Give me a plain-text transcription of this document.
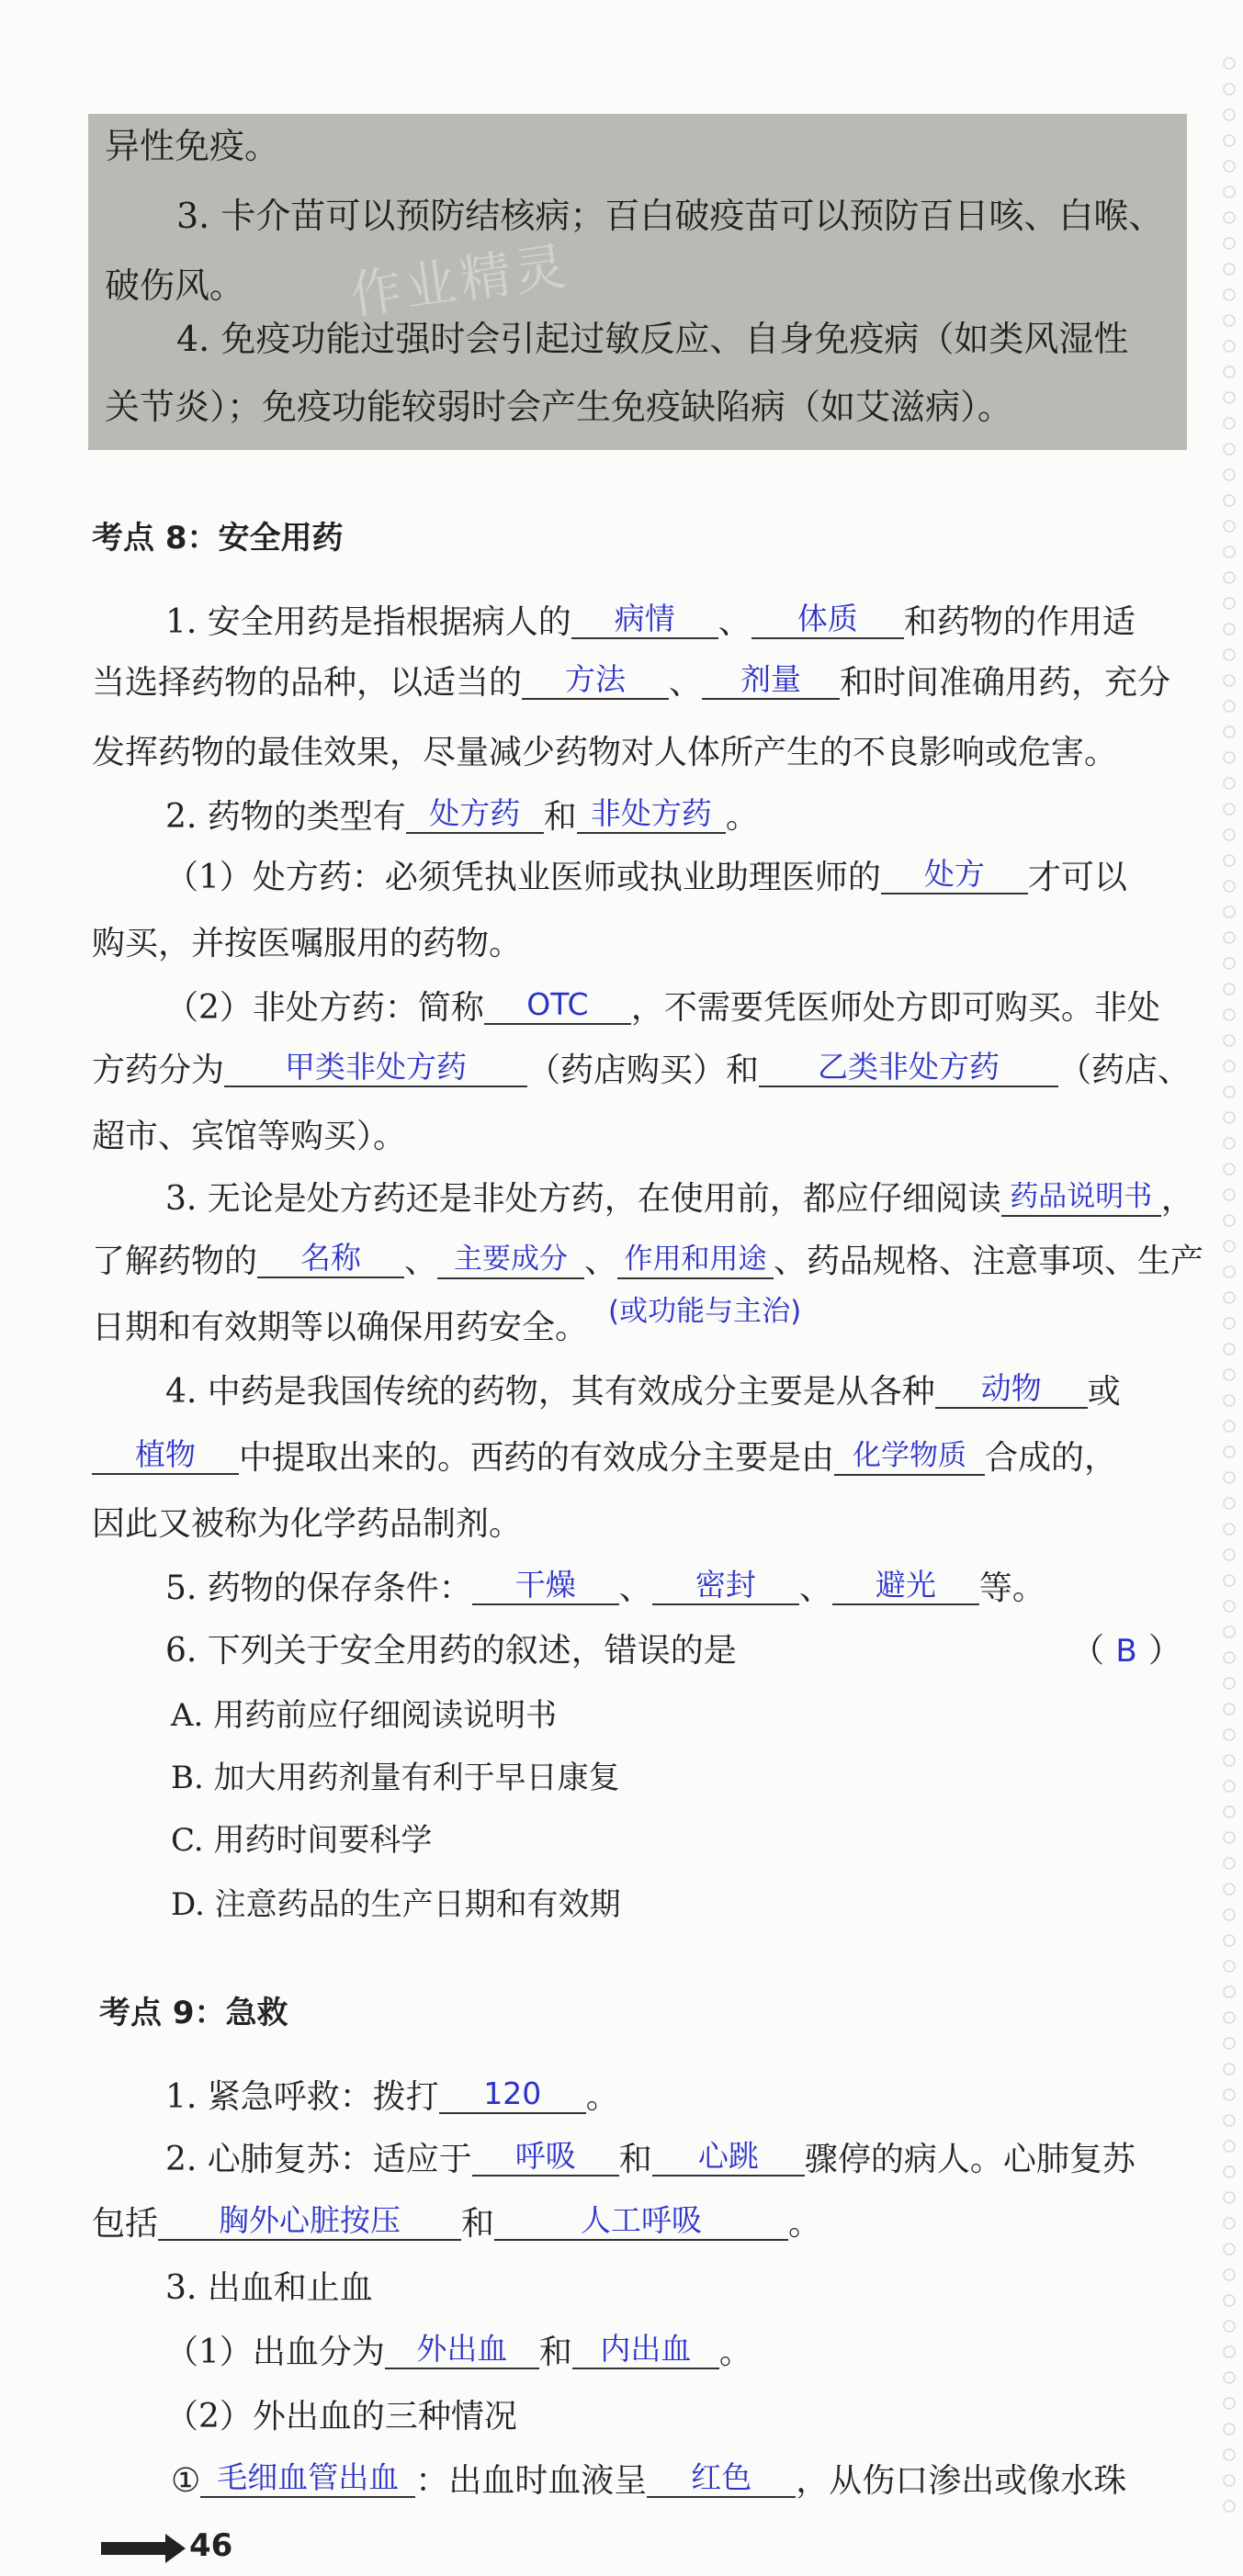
异性免疫。

3. 卡介苗可以预防结核病；百白破疫苗可以预防百日咳、白喉、

破伤风。

4. 免疫功能过强时会引起过敏反应、自身免疫病（如类风湿性

关节炎）；免疫功能较弱时会产生免疫缺陷病（如艾滋病）。

作业精灵
考点 8：安全用药

1. 安全用药是指根据病人的 病情 、 体质 和药物的作用适

当选择药物的品种，以适当的 方法 、 剂量 和时间准确用药，充分

发挥药物的最佳效果，尽量减少药物对人体所产生的不良影响或危害。

2. 药物的类型有 处方药 和 非处方药 。

（1）处方药：必须凭执业医师或执业助理医师的 处方 才可以

购买，并按医嘱服用的药物。

（2）非处方药：简称 OTC ，不需要凭医师处方即可购买。非处

方药分为 甲类非处方药 （药店购买）和 乙类非处方药 （药店、

超市、宾馆等购买）。

3. 无论是处方药还是非处方药，在使用前，都应仔细阅读 药品说明书 ，

了解药物的 名称 、 主要成分 、 作用和用途 、药品规格、注意事项、生产

(或功能与主治)

日期和有效期等以确保用药安全。

4. 中药是我国传统的药物，其有效成分主要是从各种 动物 或

植物 中提取出来的。西药的有效成分主要是由 化学物质 合成的，

因此又被称为化学药品制剂。

5. 药物的保存条件： 干燥 、 密封 、 避光 等。

6. 下列关于安全用药的叙述，错误的是	（ B ）

A. 用药前应仔细阅读说明书

B. 加大用药剂量有利于早日康复

C. 用药时间要科学

D. 注意药品的生产日期和有效期

考点 9：急救

1. 紧急呼救：拨打 120 。

2. 心肺复苏：适应于 呼吸 和 心跳 骤停的病人。心肺复苏

包括 胸外心脏按压 和	人工呼吸	。

3. 出血和止血

（1）出血分为 外出血 和 内出血 。

（2）外出血的三种情况

① 毛细血管出血 ：出血时血液呈 红色 ，从伤口渗出或像水珠

46
